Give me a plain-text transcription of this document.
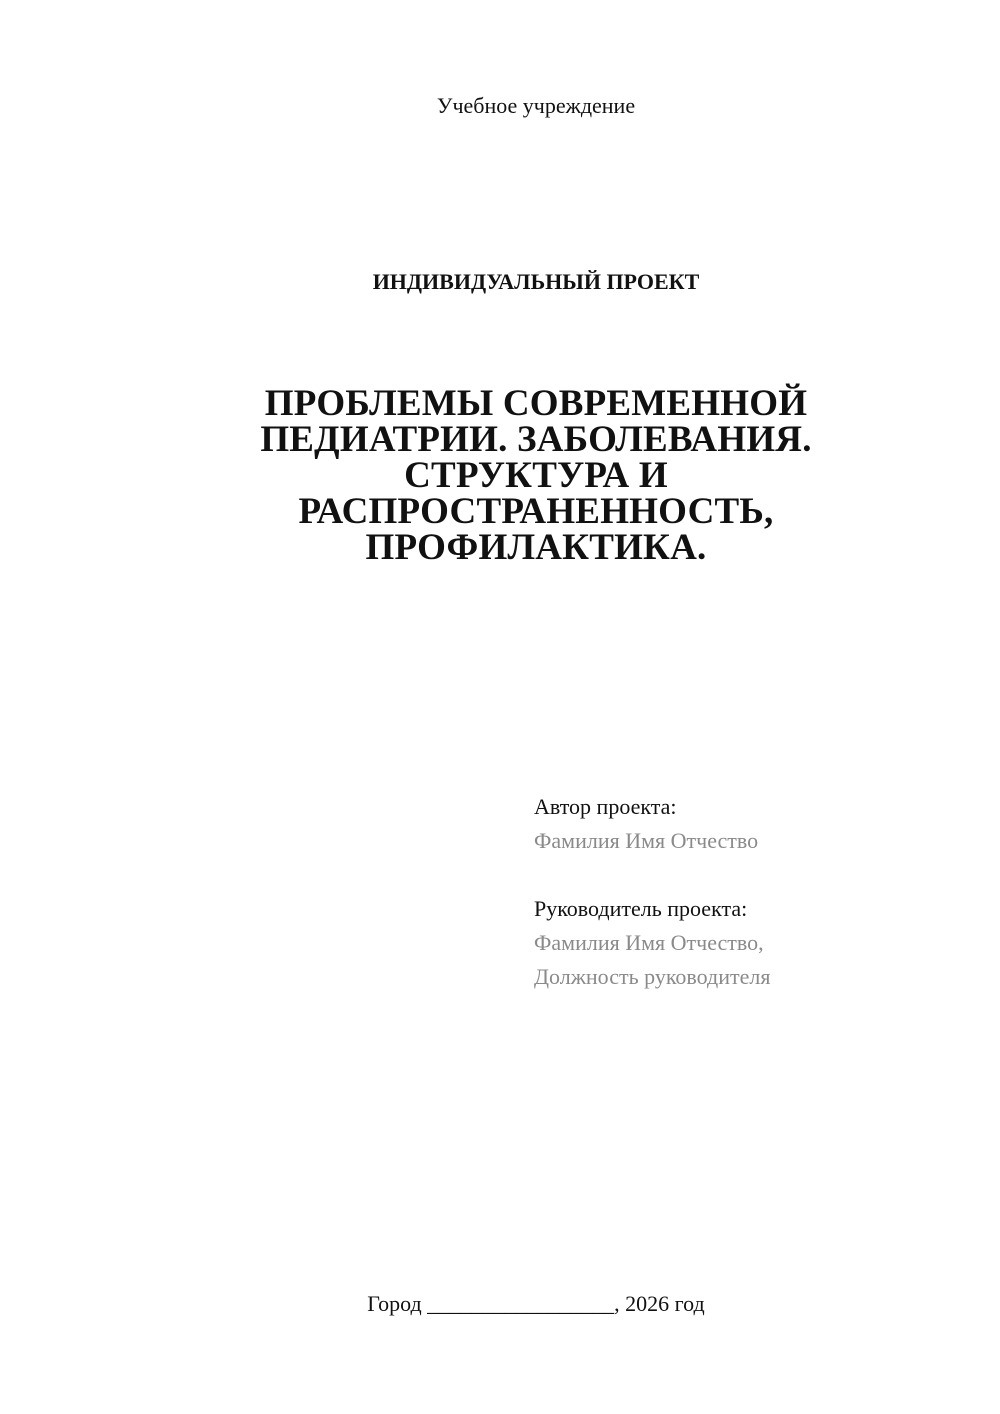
Учебное учреждение
ИНДИВИДУАЛЬНЫЙ ПРОЕКТ
ПРОБЛЕМЫ СОВРЕМЕННОЙ
ПЕДИАТРИИ. ЗАБОЛЕВАНИЯ.
СТРУКТУРА И
РАСПРОСТРАНЕННОСТЬ,
ПРОФИЛАКТИКА.
Автор проекта:
Фамилия Имя Отчество
Руководитель проекта:
Фамилия Имя Отчество,
Должность руководителя
Город _________________, 2026 год
